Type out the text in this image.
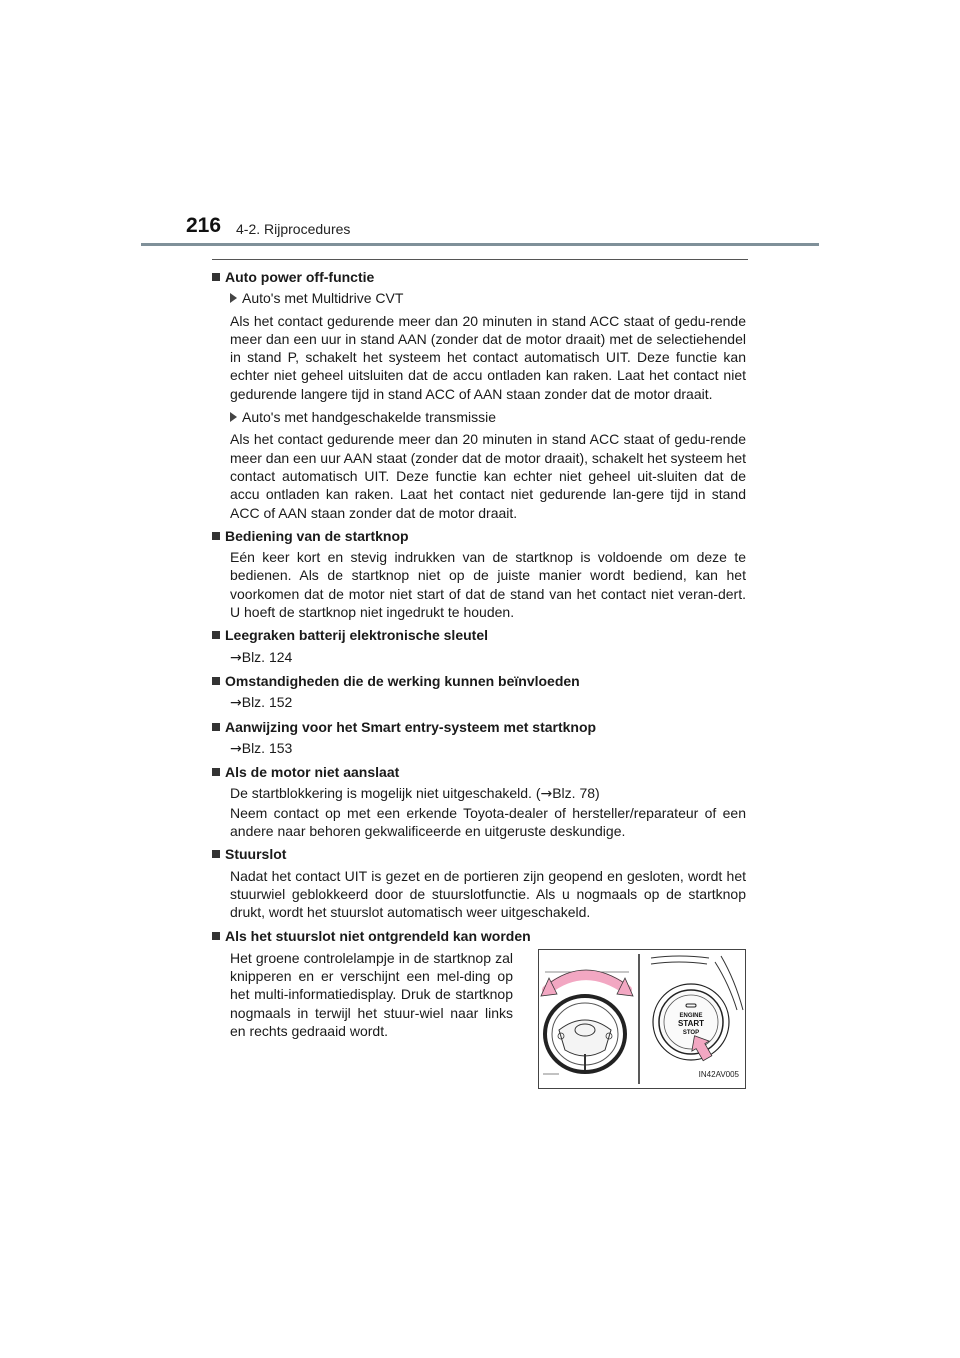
216 4-2. Rijprocedures
Auto power off-functie
Auto's met Multidrive CVT
Als het contact gedurende meer dan 20 minuten in stand ACC staat of gedu-rende meer dan een uur in stand AAN (zonder dat de motor draait) met de selectiehendel in stand P, schakelt het systeem het contact automatisch UIT. Deze functie kan echter niet geheel uitsluiten dat de accu ontladen kan raken. Laat het contact niet gedurende langere tijd in stand ACC of AAN staan zonder dat de motor draait.
Auto's met handgeschakelde transmissie
Als het contact gedurende meer dan 20 minuten in stand ACC staat of gedu-rende meer dan een uur AAN staat (zonder dat de motor draait), schakelt het systeem het contact automatisch UIT. Deze functie kan echter niet geheel uit-sluiten dat de accu ontladen kan raken. Laat het contact niet gedurende lan-gere tijd in stand ACC of AAN staan zonder dat de motor draait.
Bediening van de startknop
Eén keer kort en stevig indrukken van de startknop is voldoende om deze te bedienen. Als de startknop niet op de juiste manier wordt bediend, kan het voorkomen dat de motor niet start of dat de stand van het contact niet veran-dert. U hoeft de startknop niet ingedrukt te houden.
Leegraken batterij elektronische sleutel
→Blz. 124
Omstandigheden die de werking kunnen beïnvloeden
→Blz. 152
Aanwijzing voor het Smart entry-systeem met startknop
→Blz. 153
Als de motor niet aanslaat
De startblokkering is mogelijk niet uitgeschakeld. (→Blz. 78)
Neem contact op met een erkende Toyota-dealer of hersteller/reparateur of een andere naar behoren gekwalificeerde en uitgeruste deskundige.
Stuurslot
Nadat het contact UIT is gezet en de portieren zijn geopend en gesloten, wordt het stuurwiel geblokkeerd door de stuurslotfunctie. Als u nogmaals op de startknop drukt, wordt het stuurslot automatisch weer uitgeschakeld.
Als het stuurslot niet ontgrendeld kan worden
Het groene controlelampje in de startknop zal knipperen en er verschijnt een mel-ding op het multi-informatiedisplay. Druk de startknop nogmaals in terwijl het stuur-wiel naar links en rechts gedraaid wordt.
ENGINE
START
STOP
IN42AV005
